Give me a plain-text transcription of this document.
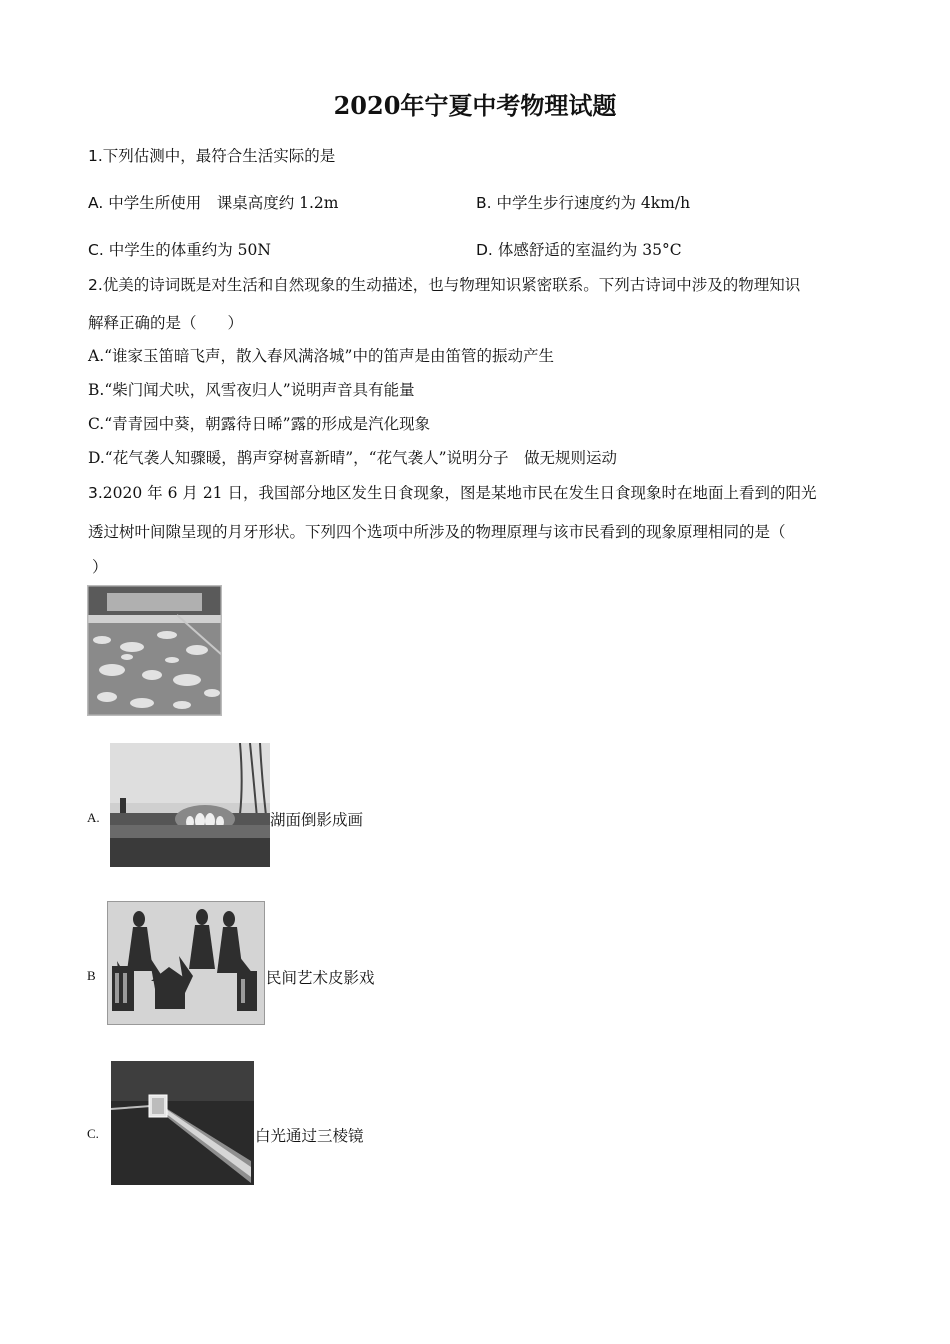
2020年宁夏中考物理试题
1.下列估测中，最符合生活实际的是
A. 中学生所使用　课桌高度约 1.2m	B. 中学生步行速度约为 4km/h
C. 中学生的体重约为 50N	D. 体感舒适的室温约为 35°C
2.优美的诗词既是对生活和自然现象的生动描述，也与物理知识紧密联系。下列古诗词中涉及的物理知识
解释正确的是（　　）
A.“谁家玉笛暗飞声，散入春风满洛城”中的笛声是由笛管的振动产生
B.“柴门闻犬吠，风雪夜归人”说明声音具有能量
C.“青青园中葵，朝露待日晞”露的形成是汽化现象
D.“花气袭人知骤暖，鹊声穿树喜新晴”，“花气袭人”说明分子　做无规则运动
3.2020 年 6 月 21 日，我国部分地区发生日食现象，图是某地市民在发生日食现象时在地面上看到的阳光
透过树叶间隙呈现的月牙形状。下列四个选项中所涉及的物理原理与该市民看到的现象原理相同的是（
）
A.	湖面倒影成画
B	民间艺术皮影戏
C.	白光通过三棱镜
